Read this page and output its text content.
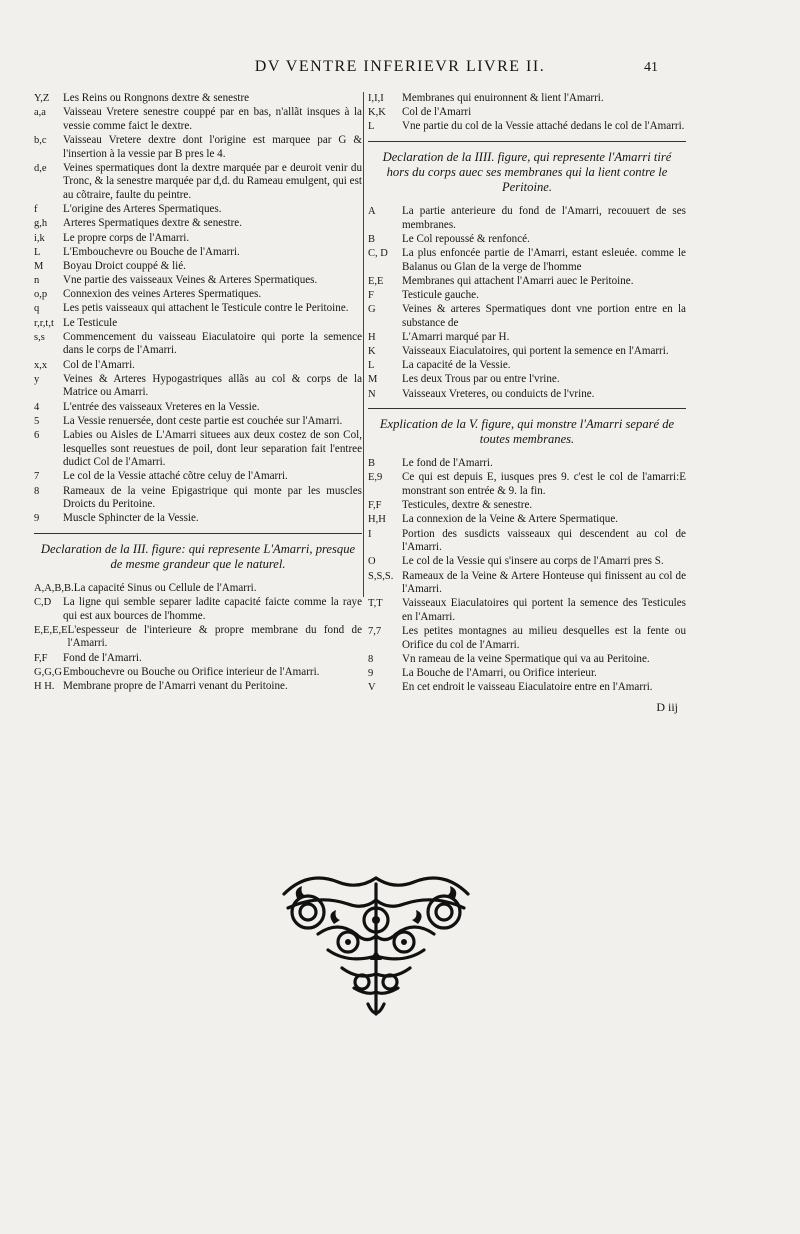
DV VENTRE INFERIEVR LIVRE II.	41
Y,Z	Les Reins ou Rongnons dextre & senestre
a,a	Vaisseau Vretere senestre couppé par en bas, n'allãt insques à la vessie comme faict le dextre.
b,c	Vaisseau Vretere dextre dont l'origine est marquee par G & l'insertion à la vessie par B pres le 4.
d,e	Veines spermatiques dont la dextre marquée par e deuroit venir du Tronc, & la senestre marquée par d,d. du Rameau emulgent, qui est au cõtraire, faulte du peintre.
f	L'origine des Arteres Spermatiques.
g,h	Arteres Spermatiques dextre & senestre.
i,k	Le propre corps de l'Amarri.
L	L'Embouchevre ou Bouche de l'Amarri.
M	Boyau Droict couppé & lié.
n	Vne partie des vaisseaux Veines & Arteres Spermatiques.
o,p	Connexion des veines Arteres Spermatiques.
q	Les petis vaisseaux qui attachent le Testicule contre le Peritoine.
r,r,t,t Le Testicule
s,s	Commencement du vaisseau Eiaculatoire qui porte la semence dans le corps de l'Amarri.
x,x	Col de l'Amarri.
y	Veines & Arteres Hypogastriques allãs au col & corps de la Matrice ou Amarri.
4	L'entrée des vaisseaux Vreteres en la Vessie.
5	La Vessie renuersée, dont ceste partie est couchée sur l'Amarri.
6	Labies ou Aisles de L'Amarri situees aux deux costez de son Col, lesquelles sont reuestues de poil, dont leur separation fait l'entree dudict Col de l'Amarri.
7	Le col de la Vessie attaché cõtre celuy de l'Amarri.
8	Rameaux de la veine Epigastrique qui monte par les muscles Droicts du Peritoine.
9	Muscle Sphincter de la Vessie.
Declaration de la III. figure: qui represente L'Amarri, presque de mesme grandeur que le naturel.
A,A,B,B. La capacité Sinus ou Cellule de l'Amarri.
C,D	La ligne qui semble separer ladite capacité faicte comme la raye qui est aux bources de l'homme.
E,E,E,E L'espesseur de l'interieure & propre membrane du fond de l'Amarri.
F,F	Fond de l'Amarri.
G,G,G Embouchevre ou Bouche ou Orifice interieur de l'Amarri.
H H. Membrane propre de l'Amarri venant du Peritoine.
I,I,I	Membranes qui enuironnent & lient l'Amarri.
K,K	Col de l'Amarri
L	Vne partie du col de la Vessie attaché dedans le col de l'Amarri.
Declaration de la IIII. figure, qui represente l'Amarri tiré hors du corps auec ses membranes qui la lient contre le Peritoine.
A	La partie anterieure du fond de l'Amarri, recouuert de ses membranes.
B	Le Col repoussé & renfoncé.
C, D	La plus enfoncée partie de l'Amarri, estant esleuée. comme le Balanus ou Glan de la verge de l'homme
E,E	Membranes qui attachent l'Amarri auec le Peritoine.
F	Testicule gauche.
G	Veines & arteres Spermatiques dont vne portion entre en la substance de
H	L'Amarri marqué par H.
K	Vaisseaux Eiaculatoires, qui portent la semence en l'Amarri.
L	La capacité de la Vessie.
M	Les deux Trous par ou entre l'vrine.
N	Vaisseaux Vreteres, ou conduicts de l'vrine.
Explication de la V. figure, qui monstre l'Amarri separé de toutes membranes.
B	Le fond de l'Amarri.
E,9	Ce qui est depuis E, iusques pres 9. c'est le col de l'amarri:E monstrant son entrée & 9. la fin.
F,F	Testicules, dextre & senestre.
H,H	La connexion de la Veine & Artere Spermatique.
I	Portion des susdicts vaisseaux qui descendent au col de l'Amarri.
O	Le col de la Vessie qui s'insere au corps de l'Amarri pres S.
S,S,S. Rameaux de la Veine & Artere Honteuse qui finissent au col de l'Amarri.
T,T	Vaisseaux Eiaculatoires qui portent la semence des Testicules en l'Amarri.
7,7	Les petites montagnes au milieu desquelles est la fente ou Orifice du col de l'Amarri.
8	Vn rameau de la veine Spermatique qui va au Peritoine.
9	La Bouche de l'Amarri, ou Orifice interieur.
V	En cet endroit le vaisseau Eiaculatoire entre en l'Amarri.
D iij
